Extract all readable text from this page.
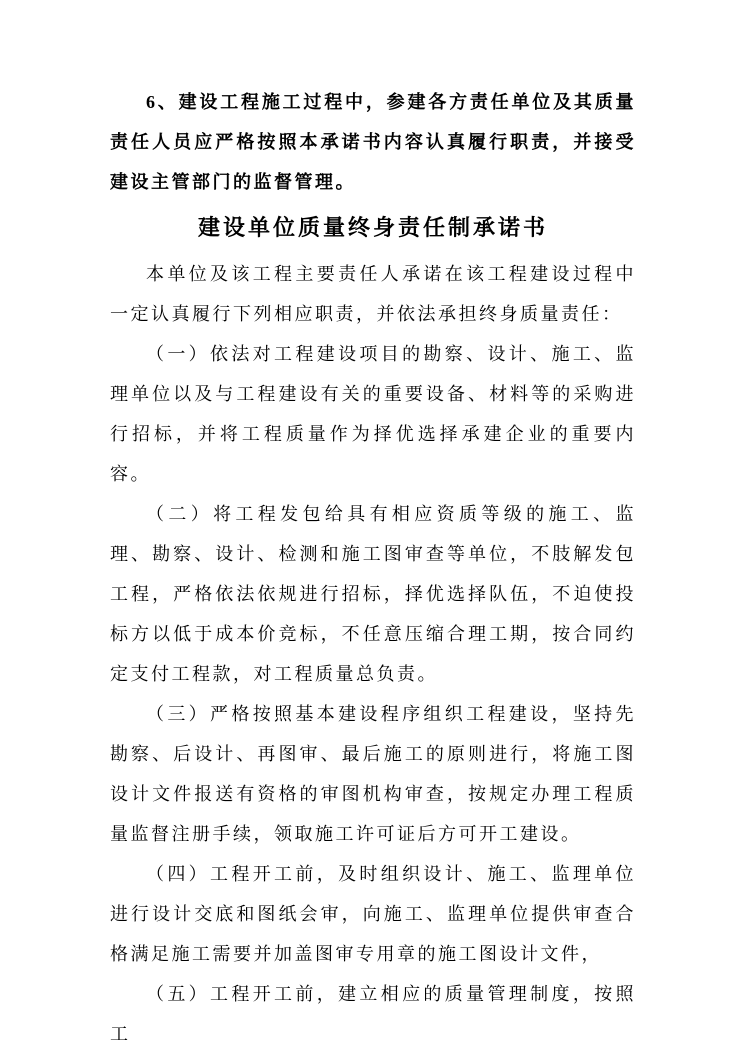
6、建设工程施工过程中，参建各方责任单位及其质量责任人员应严格按照本承诺书内容认真履行职责，并接受建设主管部门的监督管理。

建设单位质量终身责任制承诺书

本单位及该工程主要责任人承诺在该工程建设过程中一定认真履行下列相应职责，并依法承担终身质量责任：

（一）依法对工程建设项目的勘察、设计、施工、监理单位以及与工程建设有关的重要设备、材料等的采购进行招标，并将工程质量作为择优选择承建企业的重要内容。

（二）将工程发包给具有相应资质等级的施工、监理、勘察、设计、检测和施工图审查等单位，不肢解发包工程，严格依法依规进行招标，择优选择队伍，不迫使投标方以低于成本价竞标，不任意压缩合理工期，按合同约定支付工程款，对工程质量总负责。

（三）严格按照基本建设程序组织工程建设，坚持先勘察、后设计、再图审、最后施工的原则进行，将施工图设计文件报送有资格的审图机构审查，按规定办理工程质量监督注册手续，领取施工许可证后方可开工建设。

（四）工程开工前，及时组织设计、施工、监理单位进行设计交底和图纸会审，向施工、监理单位提供审查合格满足施工需要并加盖图审专用章的施工图设计文件，

（五）工程开工前，建立相应的质量管理制度，按照工
